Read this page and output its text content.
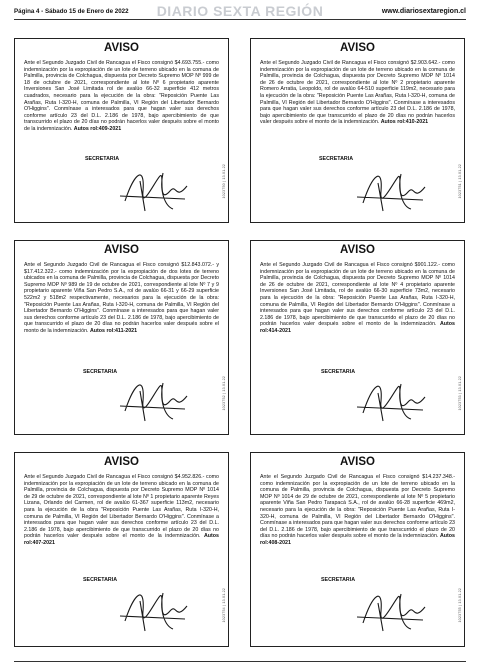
Página 4 - Sábado 15 de Enero de 2022	DIARIO SEXTA REGIÓN	www.diariosextaregion.cl
AVISO
Ante el Segundo Juzgado Civil de Rancagua el Fisco consignó $4.693.755.- como indemnización por la expropiación de un lote de terreno ubicado en la comuna de Palmilla, provincia de Colchagua, dispuesta por Decreto Supremo MOP Nº 999 de 18 de octubre de 2021, correspondiente al lote Nº 6 propietario aparente Inversiones San José Limitada rol de avalúo 66-32 superficie 412 metros cuadrados, necesario para la ejecución de la obra: "Reposición Puente Las Arañas, Ruta I-320-H, comuna de Palmilla, VI Región del Libertador Bernardo O'Higgins". Conmínase a interesados para que hagan valer sus derechos conforme artículo 23 del D.L. 2.186 de 1978, bajo apercibimiento de que transcurrido el plazo de 20 días no podrán hacerlos valer después sobre el monto de la indemnización. Autos rol:409-2021
SECRETARIA
1023750 | 13.01.22
AVISO
Ante el Segundo Juzgado Civil de Rancagua el Fisco consignó $2.903.642.- como indemnización por la expropiación de un lote de terreno ubicado en la comuna de Palmilla, provincia de Colchagua, dispuesta por Decreto Supremo MOP Nº 1014 de 26 de octubre de 2021, correspondiente al lote Nº 2 propietario aparente Romero Arratia, Leopoldo, rol de avalúo 64-510 superficie 119m2, necesario para la ejecución de la obra: "Reposición Puente Las Arañas, Ruta I-320-H, comuna de Palmilla, VI Región del Libertador Bernardo O'Higgins". Conmínase a interesados para que hagan valer sus derechos conforme artículo 23 del D.L. 2.186 de 1978, bajo apercibimiento de que transcurrido el plazo de 20 días no podrán hacerlos valer después sobre el monto de la indemnización. Autos rol:410-2021
SECRETARIA
1023751 | 13.01.22
AVISO
Ante el Segundo Juzgado Civil de Rancagua el Fisco consignó $12.843.072.- y $17.412.322.- como indemnización por la expropiación de dos lotes de terreno ubicados en la comuna de Palmilla, provincia de Colchagua, dispuesta por Decreto Supremo MOP Nº 989 de 19 de octubre de 2021, correspondiente al lote Nº 7 y 9 propietario aparente Viña San Pedro S.A., rol de avalúo 66-31 y 66-29 superficie 522m2 y 518m2 respectivamente, necesarios para la ejecución de la obra: "Reposición Puente Las Arañas, Ruta I-320-H, comuna de Palmilla, VI Región del Libertador Bernardo O'Higgins". Conmínase a interesados para que hagan valer sus derechos conforme artículo 23 del D.L. 2.186 de 1978, bajo apercibimiento de que transcurrido el plazo de 20 días no podrán hacerlos valer después sobre el monto de la indemnización. Autos rol:411-2021
SECRETARIA
1023752 | 13.01.22
AVISO
Ante el Segundo Juzgado Civil de Rancagua el Fisco consignó $901.122.- como indemnización por la expropiación de un lote de terreno ubicado en la comuna de Palmilla, provincia de Colchagua, dispuesta por Decreto Supremo MOP Nº 1014 de 26 de octubre de 2021, correspondiente al lote Nº 4 propietario aparente Inversiones San José Limitada, rol de avalúo 66-30 superficie 73m2, necesario para la ejecución de la obra: "Reposición Puente Las Arañas, Ruta I-320-H, comuna de Palmilla, VI Región del Libertador Bernardo O'Higgins". Conmínase a interesados para que hagan valer sus derechos conforme artículo 23 del D.L. 2.186 de 1978, bajo apercibimiento de que transcurrido el plazo de 20 días no podrán hacerlos valer después sobre el monto de la indemnización. Autos rol:414-2021
SECRETARIA
1023753 | 13.01.22
AVISO
Ante el Segundo Juzgado Civil de Rancagua el Fisco consignó $4.952.826.- como indemnización por la expropiación de un lote de terreno ubicado en la comuna de Palmilla, provincia de Colchagua, dispuesta por Decreto Supremo MOP Nº 1014 de 29 de octubre de 2021, correspondiente al lote Nº 1 propietario aparente Reyes Lizana, Orlando del Carmen, rol de avalúo 61-367 superficie 113m2, necesario para la ejecución de la obra "Reposición Puente Las Arañas, Ruta I-320-H, comuna de Palmilla, VI Región del Libertador Bernardo O'Higgins". Conmínase a interesados para que hagan valer sus derechos conforme artículo 23 del D.L. 2.186 de 1978, bajo apercibimiento de que transcurrido el plazo de 20 días no podrán hacerlos valer después sobre el monto de la indemnización. Autos rol:407-2021
SECRETARIA
1023754 | 13.01.22
AVISO
Ante el Segundo Juzgado Civil de Rancagua el Fisco consignó $14.237.348.- como indemnización por la expropiación de un lote de terreno ubicado en la comuna de Palmilla, provincia de Colchagua, dispuesta por Decreto Supremo MOP Nº 1014 de 29 de octubre de 2021, correspondiente al lote Nº 5 propietario aparente Viña San Pedro Tarapacá S.A., rol de avalúo 66-28 superficie 469m2, necesario para la ejecución de la obra: "Reposición Puente Las Arañas, Ruta I-320-H, comuna de Palmilla, VI Región del Libertador Bernardo O'Higgins". Conmínase a interesados para que hagan valer sus derechos conforme artículo 23 del D.L. 2.186 de 1978, bajo apercibimiento de que transcurrido el plazo de 20 días no podrán hacerlos valer después sobre el monto de la indemnización. Autos rol:408-2021
SECRETARIA
1023755 | 13.01.22
